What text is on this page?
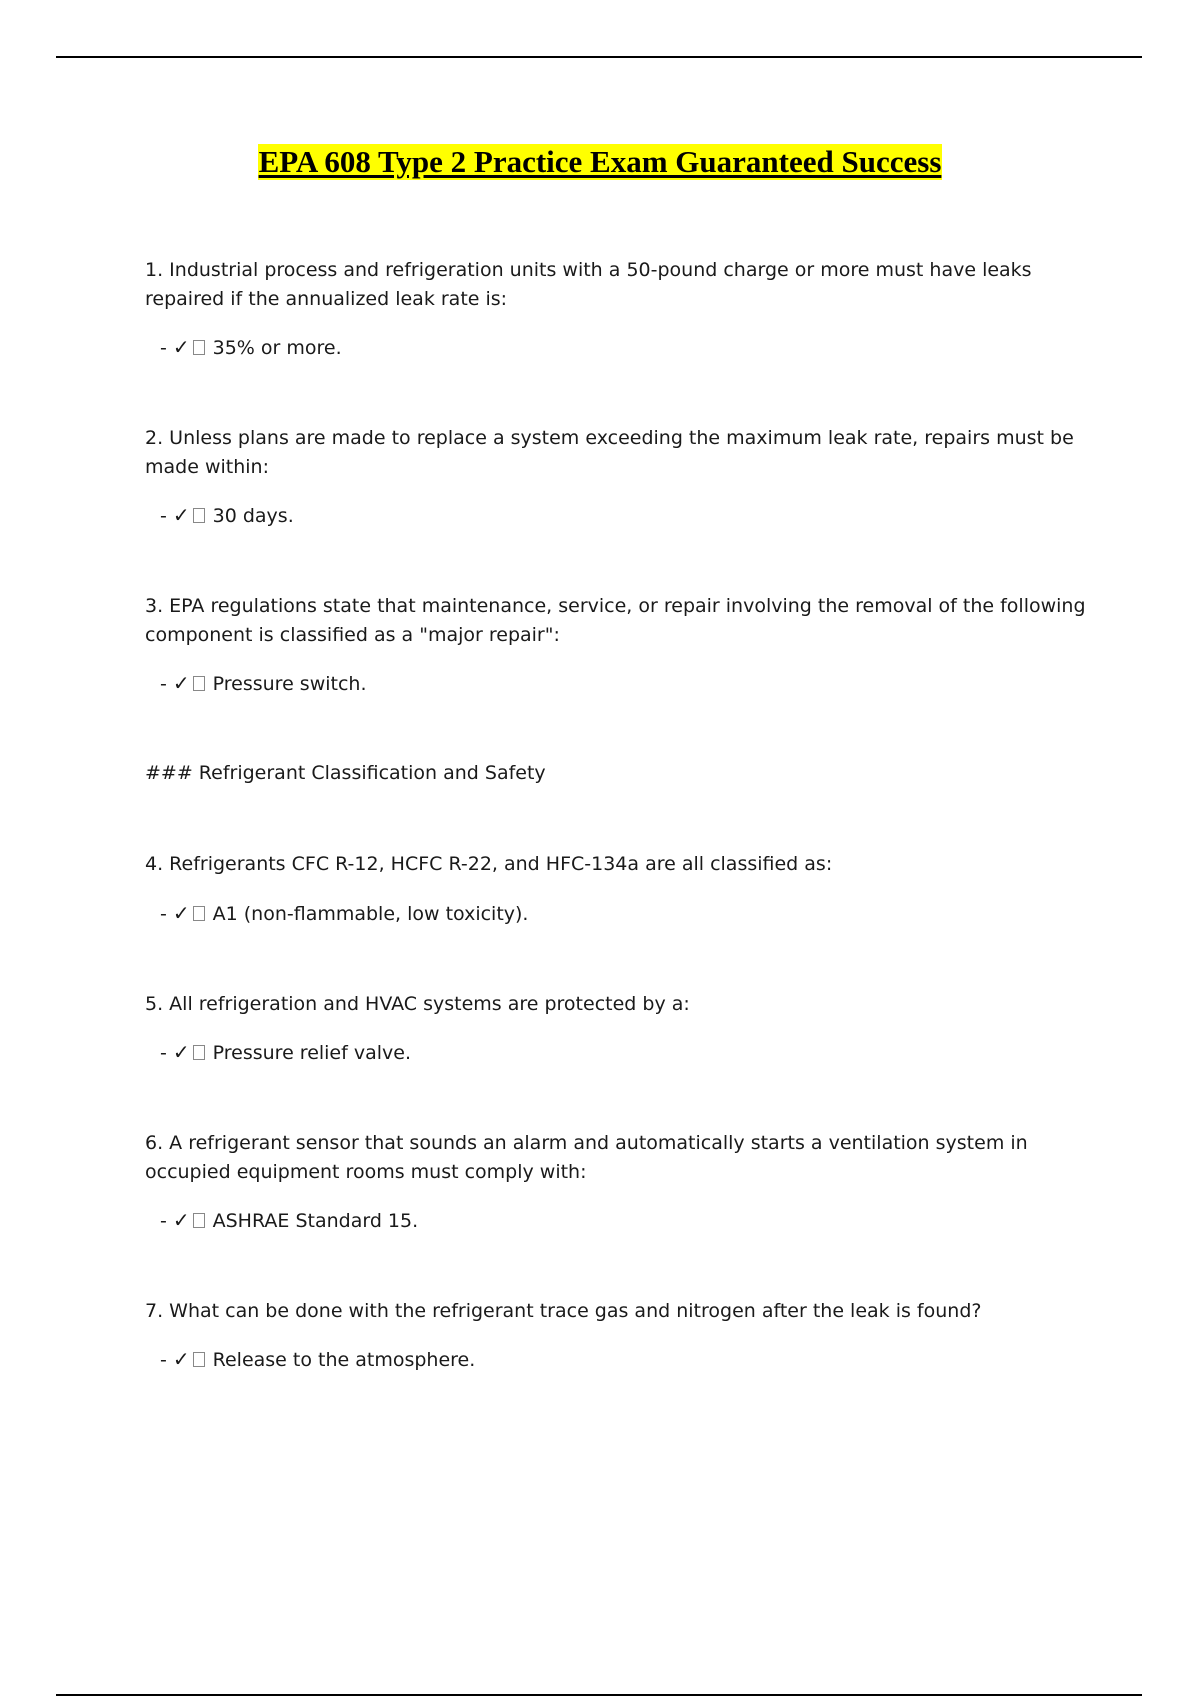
EPA 608 Type 2 Practice Exam Guaranteed Success

1. Industrial process and refrigeration units with a 50-pound charge or more must have leaks repaired if the annualized leak rate is:

- ✓ 35% or more.

2. Unless plans are made to replace a system exceeding the maximum leak rate, repairs must be made within:

- ✓ 30 days.

3. EPA regulations state that maintenance, service, or repair involving the removal of the following component is classified as a "major repair":

- ✓ Pressure switch.
### Refrigerant Classification and Safety

4. Refrigerants CFC R-12, HCFC R-22, and HFC-134a are all classified as:

- ✓ A1 (non-flammable, low toxicity).

5. All refrigeration and HVAC systems are protected by a:

- ✓ Pressure relief valve.

6. A refrigerant sensor that sounds an alarm and automatically starts a ventilation system in occupied equipment rooms must comply with:

- ✓ ASHRAE Standard 15.

7. What can be done with the refrigerant trace gas and nitrogen after the leak is found?

- ✓ Release to the atmosphere.
